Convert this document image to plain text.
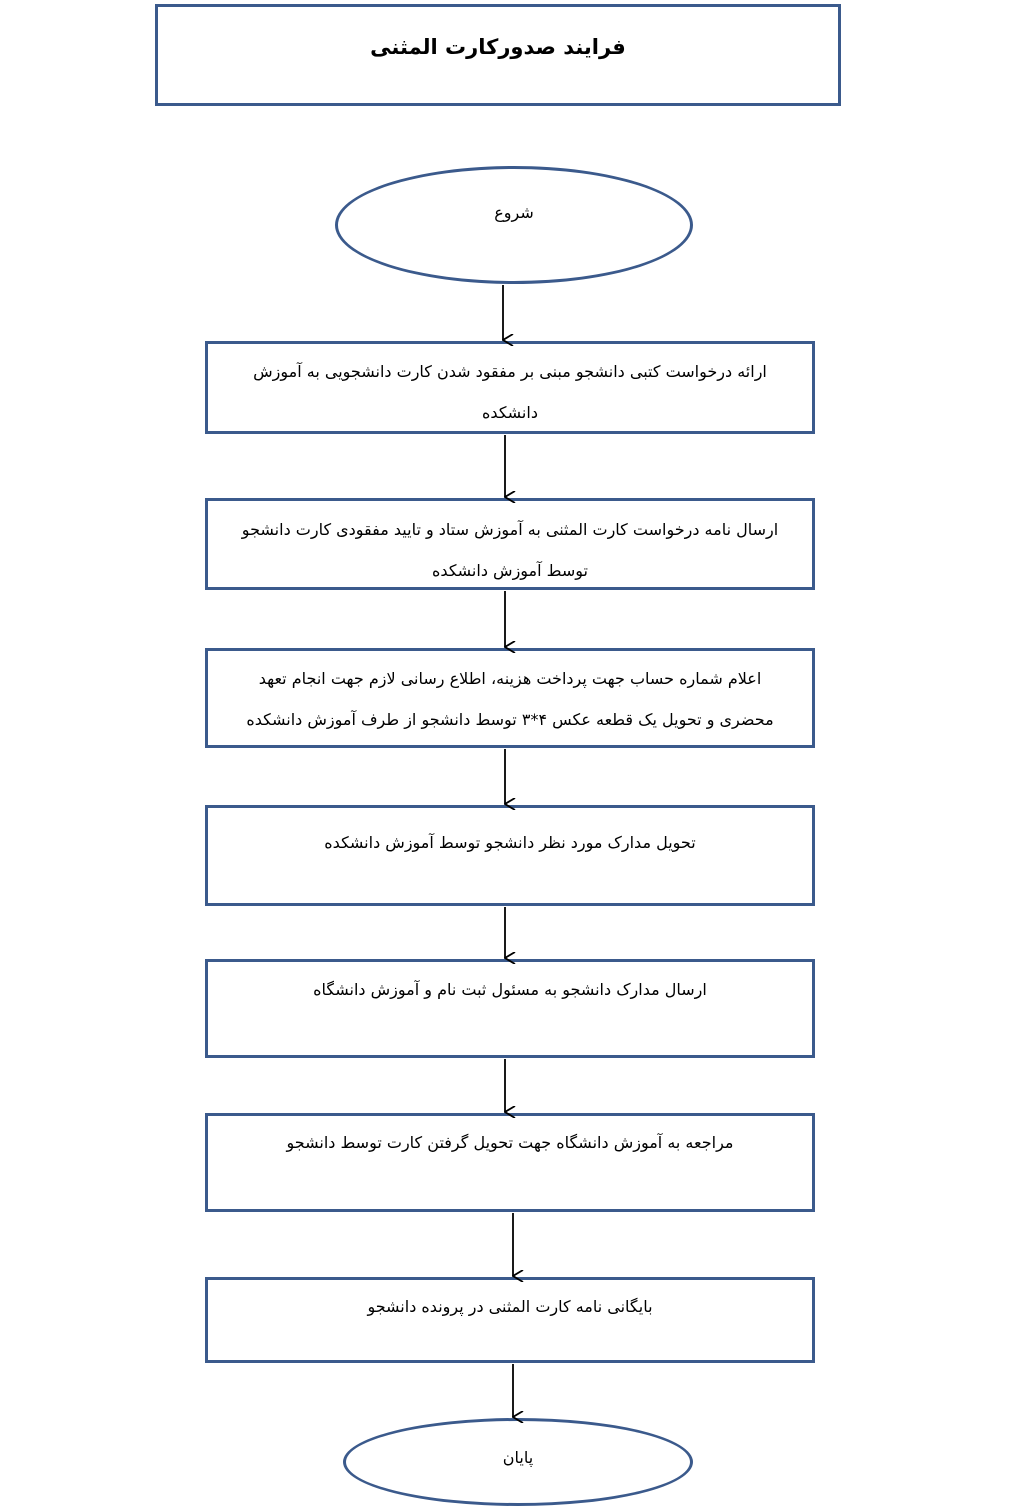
فرایند صدورکارت المثنی
شروع
ارائه درخواست کتبی دانشجو مبنی بر مفقود شدن کارت دانشجویی به آموزش دانشکده
ارسال نامه درخواست کارت المثنی به آموزش ستاد و تایید مفقودی کارت دانشجو توسط آموزش دانشکده
اعلام شماره حساب جهت پرداخت هزینه، اطلاع رسانی لازم جهت انجام تعهد محضری و تحویل یک قطعه عکس ۴*۳ توسط دانشجو از طرف آموزش دانشکده
تحویل مدارک مورد نظر دانشجو توسط آموزش دانشکده
ارسال مدارک دانشجو به مسئول ثبت نام و آموزش دانشگاه
مراجعه به آموزش دانشگاه جهت تحویل گرفتن کارت توسط دانشجو
بایگانی نامه کارت المثنی در پرونده دانشجو
پایان
